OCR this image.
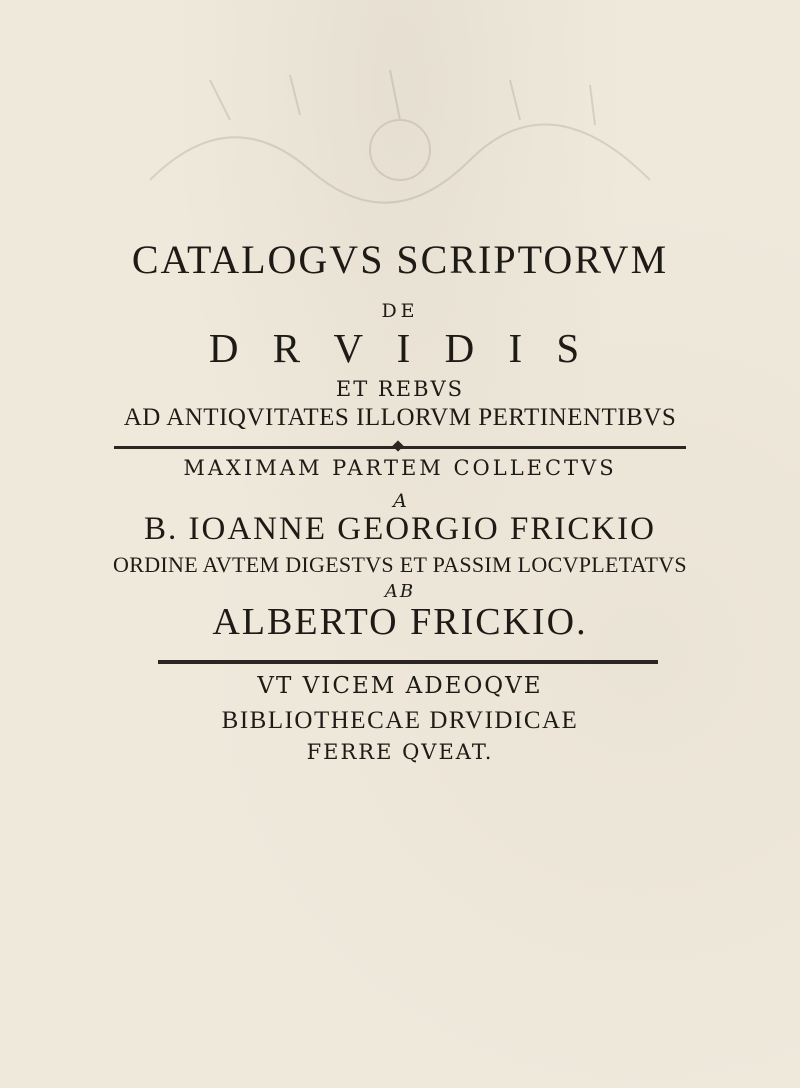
CATALOGVS SCRIPTORVM
DE
D R V I D I S
ET REBVS
AD ANTIQVITATES ILLORVM PERTINENTIBVS
MAXIMAM PARTEM COLLECTVS
A
B. IOANNE GEORGIO FRICKIO
ORDINE AVTEM DIGESTVS ET PASSIM LOCVPLETATVS
AB
ALBERTO FRICKIO.
VT VICEM ADEOQVE
BIBLIOTHECAE DRVIDICAE
FERRE QVEAT.
